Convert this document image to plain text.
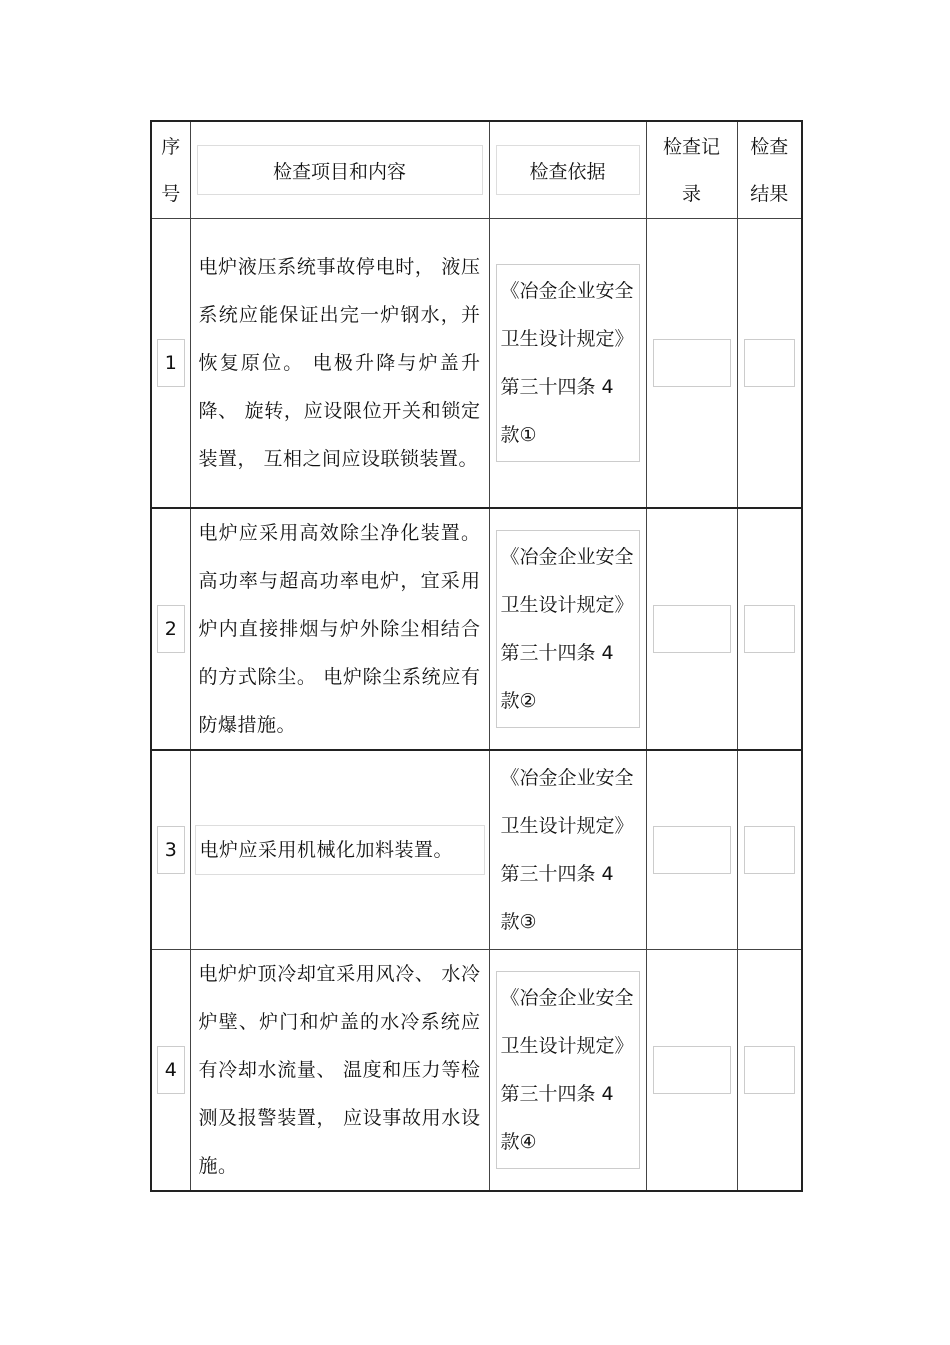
序号	检查项目和内容	检查依据	检查记录	检查结果

1	电炉液压系统事故停电时， 液压系统应能保证出完一炉钢水，并恢复原位。 电极升降与炉盖升降、 旋转，应设限位开关和锁定装置， 互相之间应设联锁装置。	《冶金企业安全卫生设计规定》第三十四条 4 款①		

2	电炉应采用高效除尘净化装置。高功率与超高功率电炉，宜采用炉内直接排烟与炉外除尘相结合的方式除尘。 电炉除尘系统应有防爆措施。	《冶金企业安全卫生设计规定》第三十四条 4 款②		

3	电炉应采用机械化加料装置。	《冶金企业安全卫生设计规定》第三十四条 4 款③		

4	电炉炉顶冷却宜采用风冷、 水冷炉壁、炉门和炉盖的水冷系统应有冷却水流量、 温度和压力等检测及报警装置， 应设事故用水设施。	《冶金企业安全卫生设计规定》第三十四条 4 款④		
